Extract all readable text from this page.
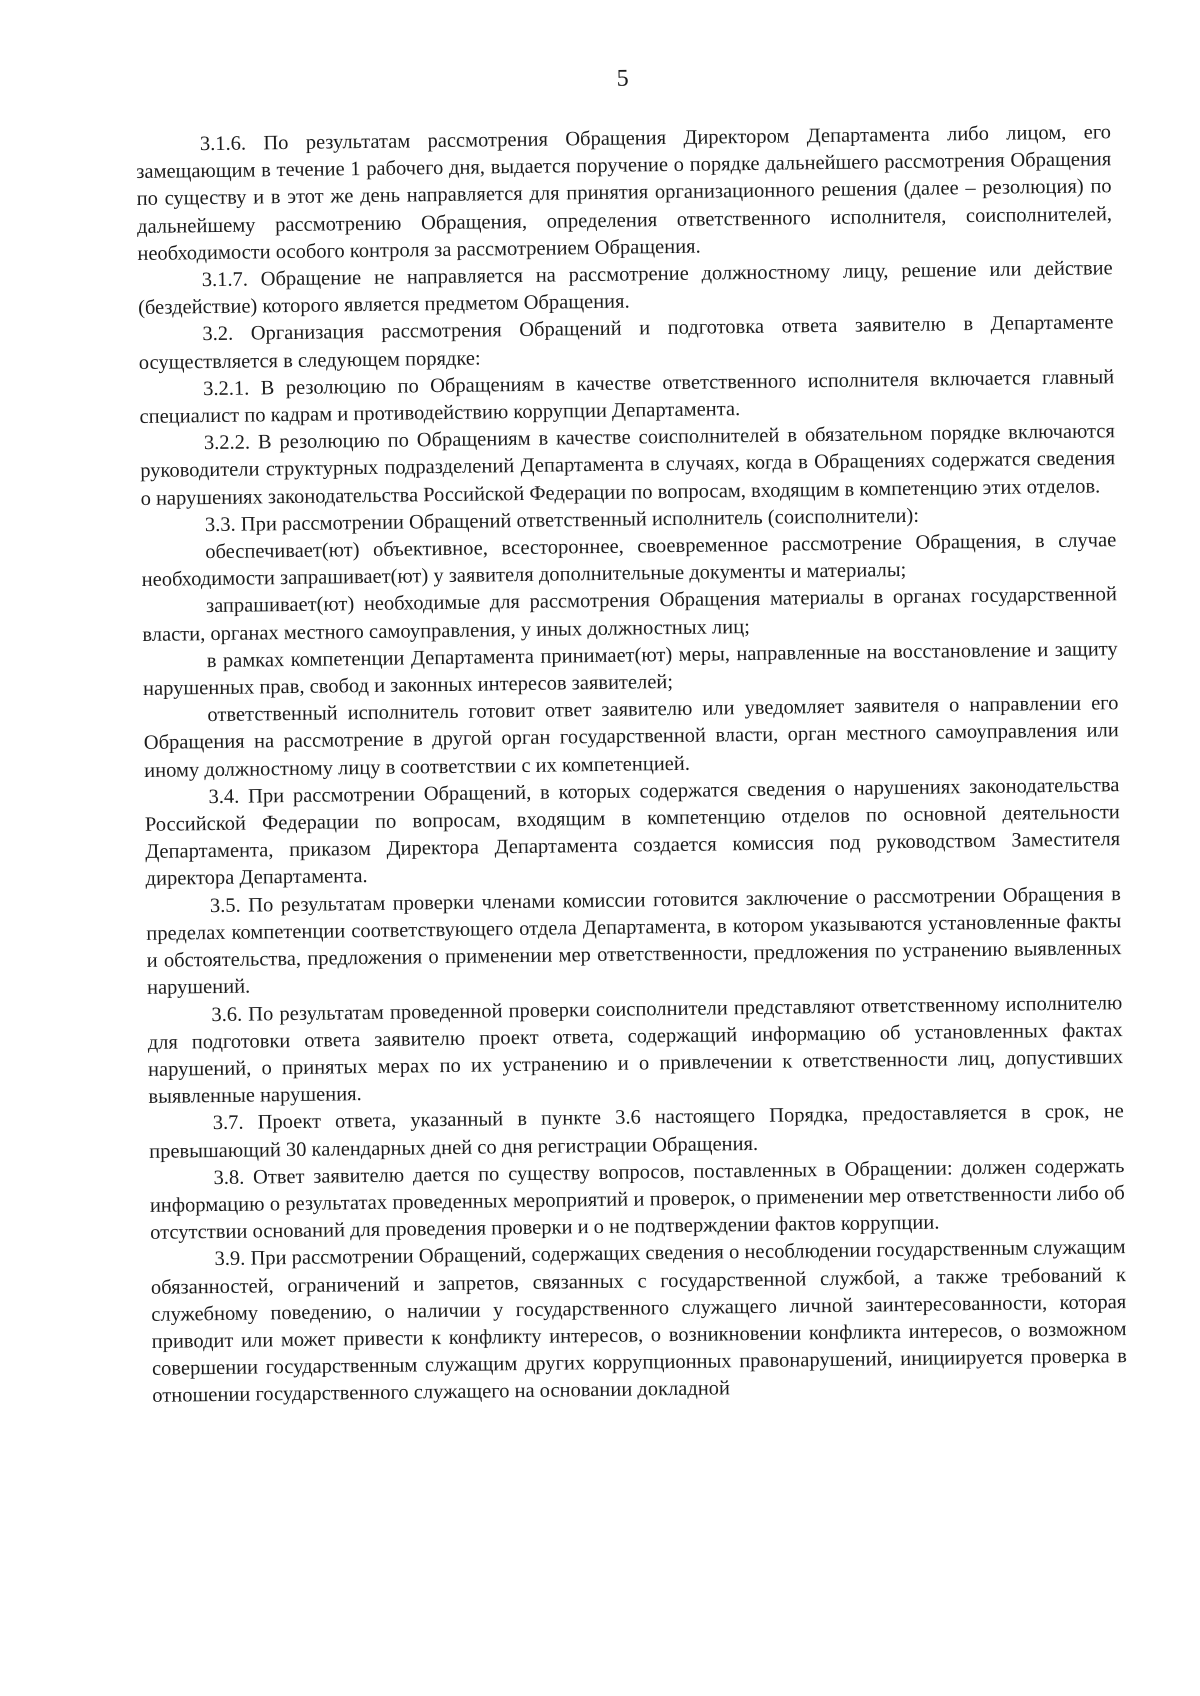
5

3.1.6. По результатам рассмотрения Обращения Директором Департамента либо лицом, его замещающим в течение 1 рабочего дня, выдается поручение о порядке дальнейшего рассмотрения Обращения по существу и в этот же день направляется для принятия организационного решения (далее – резолюция) по дальнейшему рассмотрению Обращения, определения ответственного исполнителя, соисполнителей, необходимости особого контроля за рассмотрением Обращения.

3.1.7. Обращение не направляется на рассмотрение должностному лицу, решение или действие (бездействие) которого является предметом Обращения.

3.2. Организация рассмотрения Обращений и подготовка ответа заявителю в Департаменте осуществляется в следующем порядке:

3.2.1. В резолюцию по Обращениям в качестве ответственного исполнителя включается главный специалист по кадрам и противодействию коррупции Департамента.

3.2.2. В резолюцию по Обращениям в качестве соисполнителей в обязательном порядке включаются руководители структурных подразделений Департамента в случаях, когда в Обращениях содержатся сведения о нарушениях законодательства Российской Федерации по вопросам, входящим в компетенцию этих отделов.

3.3. При рассмотрении Обращений ответственный исполнитель (соисполнители):

обеспечивает(ют) объективное, всестороннее, своевременное рассмотрение Обращения, в случае необходимости запрашивает(ют) у заявителя дополнительные документы и материалы;

запрашивает(ют) необходимые для рассмотрения Обращения материалы в органах государственной власти, органах местного самоуправления, у иных должностных лиц;

в рамках компетенции Департамента принимает(ют) меры, направленные на восстановление и защиту нарушенных прав, свобод и законных интересов заявителей;

ответственный исполнитель готовит ответ заявителю или уведомляет заявителя о направлении его Обращения на рассмотрение в другой орган государственной власти, орган местного самоуправления или иному должностному лицу в соответствии с их компетенцией.

3.4. При рассмотрении Обращений, в которых содержатся сведения о нарушениях законодательства Российской Федерации по вопросам, входящим в компетенцию отделов по основной деятельности Департамента, приказом Директора Департамента создается комиссия под руководством Заместителя директора Департамента.

3.5. По результатам проверки членами комиссии готовится заключение о рассмотрении Обращения в пределах компетенции соответствующего отдела Департамента, в котором указываются установленные факты и обстоятельства, предложения о применении мер ответственности, предложения по устранению выявленных нарушений.

3.6. По результатам проведенной проверки соисполнители представляют ответственному исполнителю для подготовки ответа заявителю проект ответа, содержащий информацию об установленных фактах нарушений, о принятых мерах по их устранению и о привлечении к ответственности лиц, допустивших выявленные нарушения.

3.7. Проект ответа, указанный в пункте 3.6 настоящего Порядка, предоставляется в срок, не превышающий 30 календарных дней со дня регистрации Обращения.

3.8. Ответ заявителю дается по существу вопросов, поставленных в Обращении: должен содержать информацию о результатах проведенных мероприятий и проверок, о применении мер ответственности либо об отсутствии оснований для проведения проверки и о не подтверждении фактов коррупции.

3.9. При рассмотрении Обращений, содержащих сведения о несоблюдении государственным служащим обязанностей, ограничений и запретов, связанных с государственной службой, а также требований к служебному поведению, о наличии у государственного служащего личной заинтересованности, которая приводит или может привести к конфликту интересов, о возникновении конфликта интересов, о возможном совершении государственным служащим других коррупционных правонарушений, инициируется проверка в отношении государственного служащего на основании докладной
